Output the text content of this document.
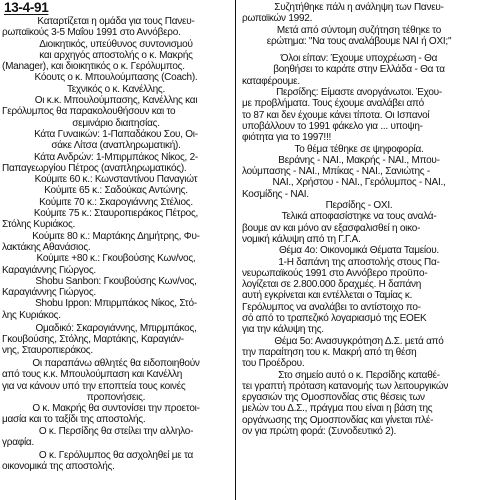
13-4-91
Καταρτίζεται η ομάδα για τους Πανευ-
ρωπαϊκούς 3-5 Μαΐου 1991 στο Αννόβερο.
Διοικητικός, υπεύθυνος συντονισμού
και αρχηγός αποστολής ο κ. Μακρής
(Manager), και διοικητικός ο κ. Γερόλυμπος.
Κόουτς ο κ. Μπουλούμπασης (Coach).
Τεχνικός ο κ. Κανέλλης.
Οι κ.κ. Μπουλούμπασης, Κανέλλης και
Γερόλυμπος θα παρακολουθήσουν και το
σεμινάριο διαιτησίας.
Κάτα Γυναικών: 1-Παπαδάκου Σου, Οι-
σάκε Λίτσα (αναπληρωματική).
Κάτα Ανδρών: 1-Μπιρμπάκος Νίκος, 2-
Παπαγεωργίου Πέτρος (αναπληρωματικός).
Κούμιτε 60 κ.: Κωνσταντίνου Παναγιώτ
Κούμιτε 65 κ.: Σαδούκας Αντώνης.
Κούμιτε 70 κ.: Σκαρογιάννης Στέλιος.
Κούμιτε 75 κ.: Σταυροπιεράκος Πέτρος,
Στόλης Κυριάκος.
Κούμιτε 80 κ.: Μαρτάκης Δημήτρης, Φυ-
λακτάκης Αθανάσιος.
Κούμιτε +80 κ.: Γκουβούσης Κων/νος,
Καραγιάννης Γιώργος.
Shobu Sanbon: Γκουβούσης Κων/νος,
Καραγιάννης Γιώργος.
Shobu Ippon: Μπιρμπάκος Νίκος, Στό-
λης Κυριάκος.
Ομαδικό: Σκαρογιάννης, Μπιρμπάκος,
Γκουβούσης, Στόλης, Μαρτάκης, Καραγιάν-
νης, Σταυροπιεράκος.
Οι παραπάνω αθλητές θα ειδοποιηθούν
από τους κ.κ. Μπουλούμπαση και Κανέλλη
για να κάνουν υπό την εποπτεία τους κοινές
προπονήσεις.
Ο κ. Μακρής θα συντονίσει την προετοι-
μασία και το ταξίδι της αποστολής.
Ο κ. Περσίδης θα στείλει την αλληλο-
γραφία.
Ο κ. Γερόλυμπος θα ασχοληθεί με τα
οικονομικά της αποστολής.
Συζητήθηκε πάλι η ανάληψη των Πανευ-
ρωπαϊκών 1992.
Μετά από σύντομη συζήτηση τέθηκε το
ερώτημα: "Να τους αναλάβουμε ΝΑΙ ή ΟΧΙ;"
Όλοι είπαν: Έχουμε υποχρέωση - Θα
βοηθήσει το καράτε στην Ελλάδα - Θα τα
καταφέρουμε.
Περσίδης: Είμαστε ανοργάνωτοι. Έχου-
με προβλήματα. Τους έχουμε αναλάβει από
το 87 και δεν έχουμε κάνει τίποτα. Οι Ισπανοί
υποβάλλουν το 1991 φάκελο για ... υποψη-
φιότητα για το 1997!!!
Το θέμα τέθηκε σε ψηφοφορία.
Βεράνης - ΝΑΙ., Μακρής - ΝΑΙ., Μπου-
λούμπασης - ΝΑΙ., Μπίκας - ΝΑΙ., Σανιώτης -
ΝΑΙ., Χρήστου - ΝΑΙ., Γερόλυμπος - ΝΑΙ.,
Κοσμίδης - ΝΑΙ.
Περσίδης - ΟΧΙ.
Τελικά αποφασίστηκε να τους αναλά-
βουμε αν και μόνο αν εξασφαλισθεί η οικο-
νομική κάλυψη από τη Γ.Γ.Α.
Θέμα 4ο: Οικονομικά Θέματα Ταμείου.
1-Η δαπάνη της αποστολής στους Πα-
νευρωπαϊκούς 1991 στο Αννόβερο προϋπο-
λογίζεται σε 2.800.000 δραχμές. Η δαπάνη
αυτή εγκρίνεται και εντέλλεται ο Ταμίας κ.
Γερόλυμπος να αναλάβει το αντίστοιχο πο-
σό από το τραπεζικό λογαριασμό της ΕΟΕΚ
για την κάλυψη της.
Θέμα 5ο: Ανασυγκρότηση Δ.Σ. μετά από
την παραίτηση του κ. Μακρή από τη θέση
του Προέδρου.
Στο σημείο αυτό ο κ. Περσίδης καταθέ-
τει γραπτή πρόταση κατανομής των λειτουργικών
εργασιών της Ομοσπονδίας στις θέσεις των
μελών του Δ.Σ., πράγμα που είναι η βάση της
οργάνωσης της Ομοσπονδίας και γίνεται πλέ-
ον για πρώτη φορά: (Συνοδευτικό 2).
